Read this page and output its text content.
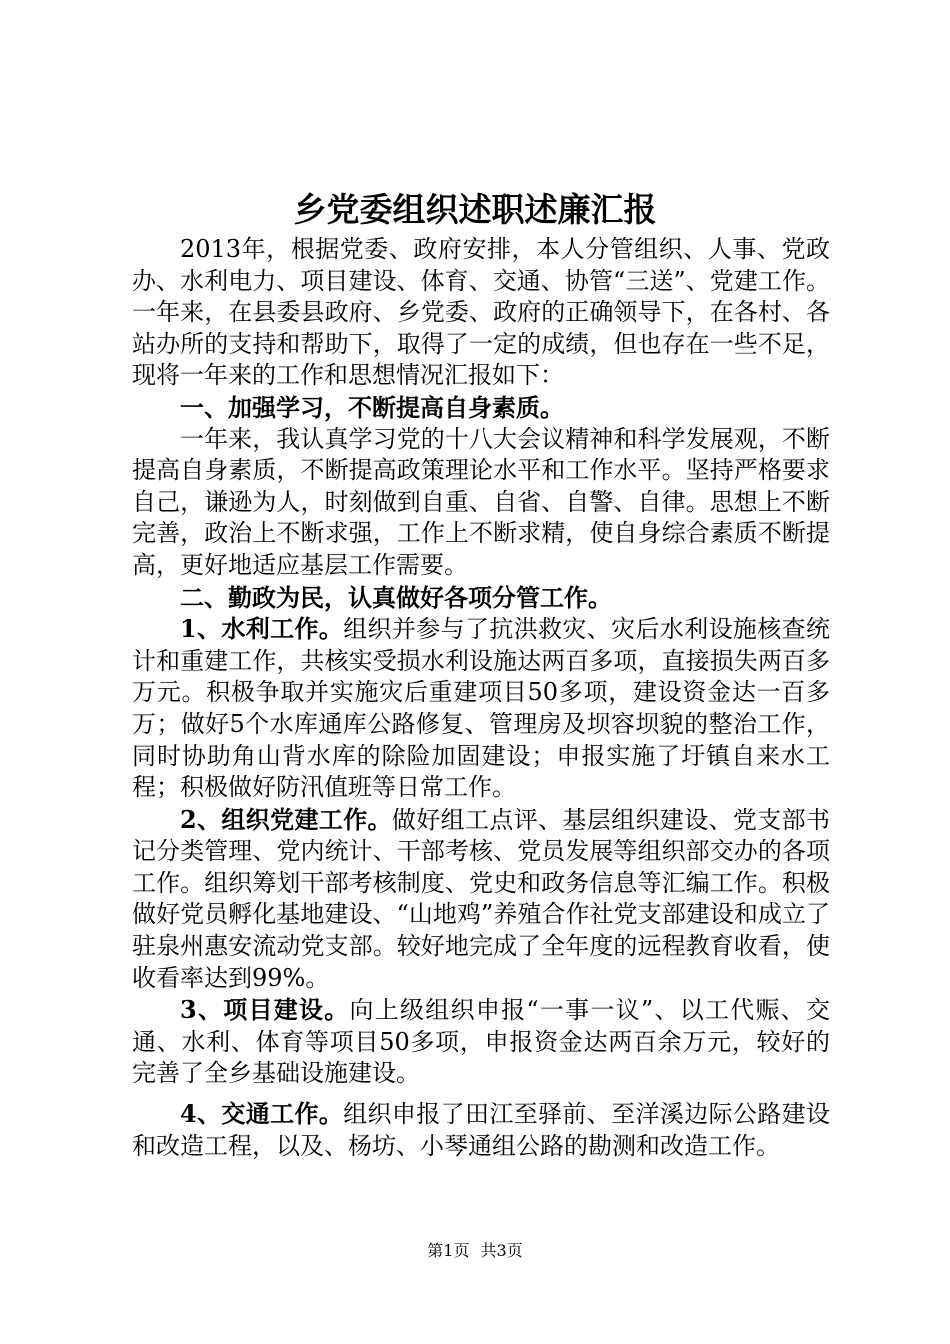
乡党委组织述职述廉汇报

2013年，根据党委、政府安排，本人分管组织、人事、党政办、水利电力、项目建设、体育、交通、协管“三送”、党建工作。一年来，在县委县政府、乡党委、政府的正确领导下，在各村、各站办所的支持和帮助下，取得了一定的成绩，但也存在一些不足，现将一年来的工作和思想情况汇报如下：

一、加强学习，不断提高自身素质。

一年来，我认真学习党的十八大会议精神和科学发展观，不断提高自身素质，不断提高政策理论水平和工作水平。坚持严格要求自己，谦逊为人，时刻做到自重、自省、自警、自律。思想上不断完善，政治上不断求强，工作上不断求精，使自身综合素质不断提高，更好地适应基层工作需要。

二、勤政为民，认真做好各项分管工作。

1、水利工作。组织并参与了抗洪救灾、灾后水利设施核查统计和重建工作，共核实受损水利设施达两百多项，直接损失两百多万元。积极争取并实施灾后重建项目50多项，建设资金达一百多万；做好5个水库通库公路修复、管理房及坝容坝貌的整治工作，同时协助角山背水库的除险加固建设；申报实施了圩镇自来水工程；积极做好防汛值班等日常工作。

2、组织党建工作。做好组工点评、基层组织建设、党支部书记分类管理、党内统计、干部考核、党员发展等组织部交办的各项工作。组织筹划干部考核制度、党史和政务信息等汇编工作。积极做好党员孵化基地建设、“山地鸡”养殖合作社党支部建设和成立了驻泉州惠安流动党支部。较好地完成了全年度的远程教育收看，使收看率达到99%。

3、项目建设。向上级组织申报“一事一议”、以工代赈、交通、水利、体育等项目50多项，申报资金达两百余万元，较好的完善了全乡基础设施建设。

4、交通工作。组织申报了田江至驿前、至洋溪边际公路建设和改造工程，以及、杨坊、小琴通组公路的勘测和改造工作。

第1页 共3页
